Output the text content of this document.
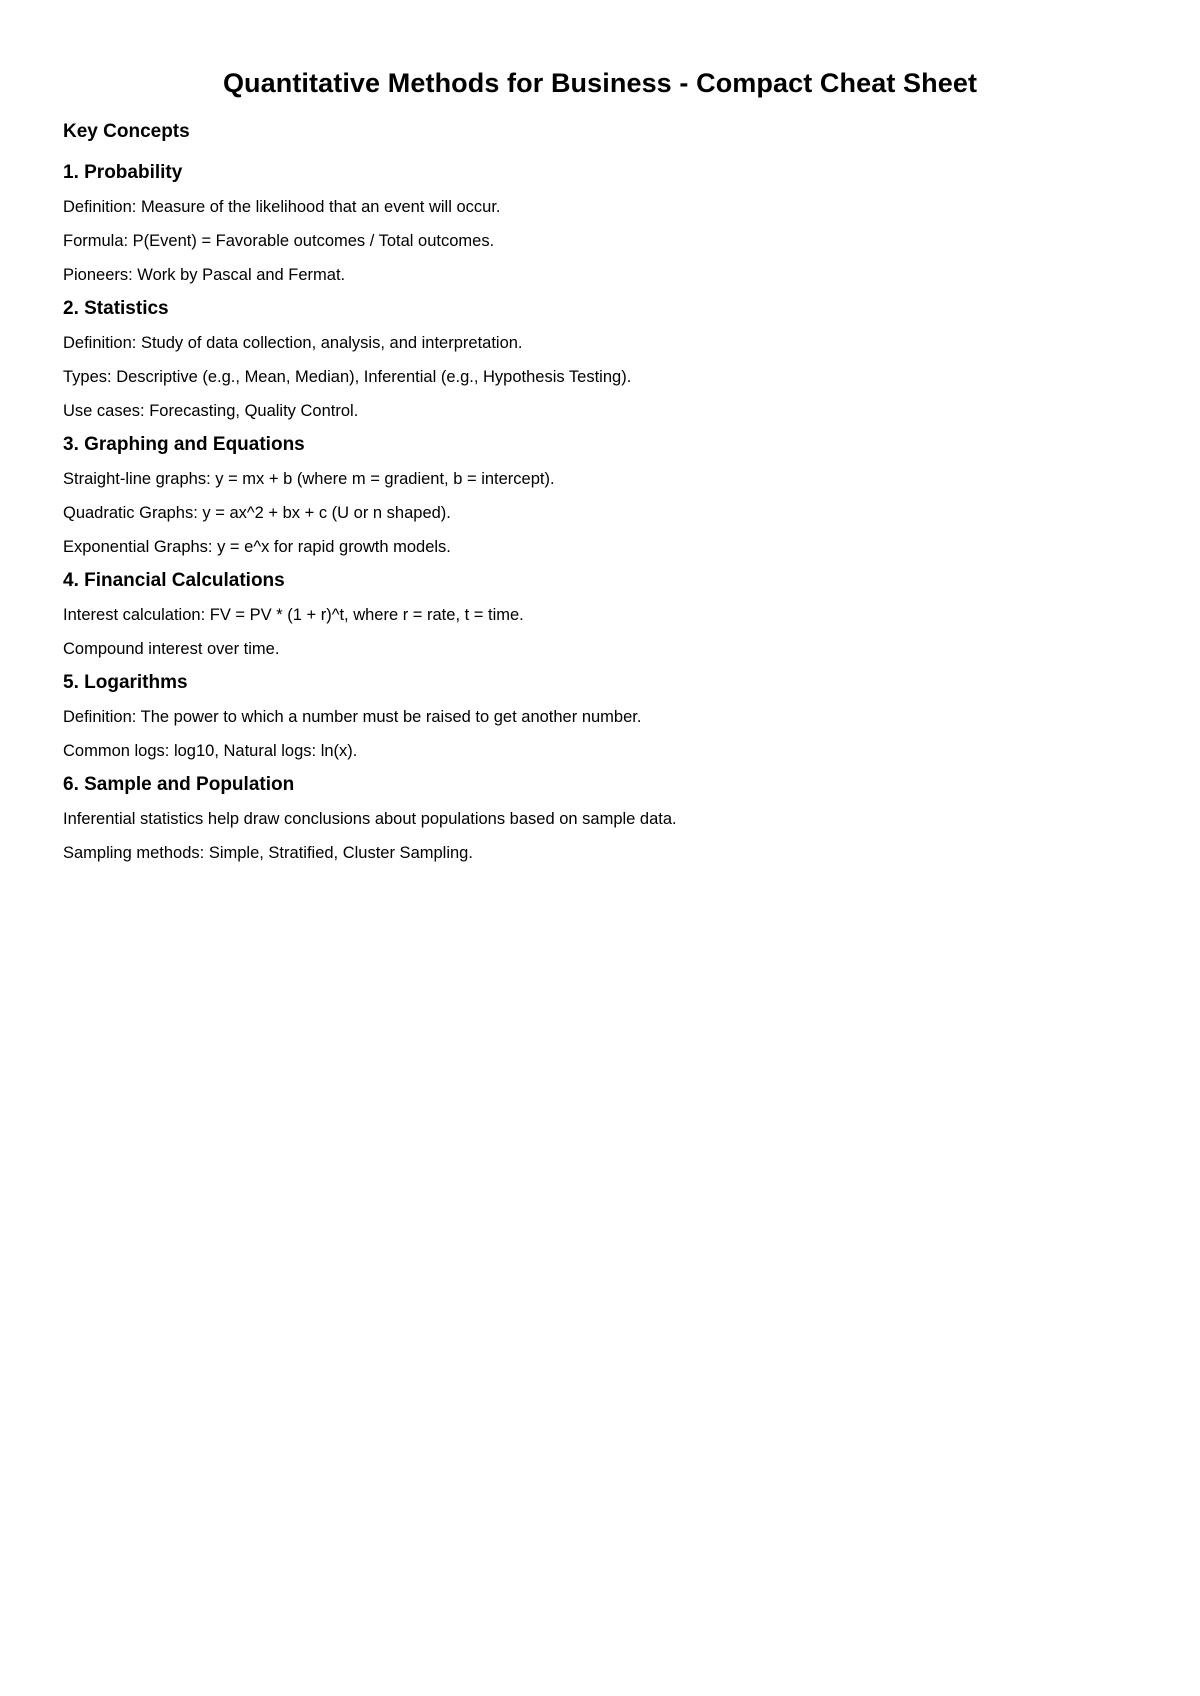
Quantitative Methods for Business - Compact Cheat Sheet
Key Concepts
1. Probability
Definition: Measure of the likelihood that an event will occur.
Formula: P(Event) = Favorable outcomes / Total outcomes.
Pioneers: Work by Pascal and Fermat.
2. Statistics
Definition: Study of data collection, analysis, and interpretation.
Types: Descriptive (e.g., Mean, Median), Inferential (e.g., Hypothesis Testing).
Use cases: Forecasting, Quality Control.
3. Graphing and Equations
Straight-line graphs: y = mx + b (where m = gradient, b = intercept).
Quadratic Graphs: y = ax^2 + bx + c (U or n shaped).
Exponential Graphs: y = e^x for rapid growth models.
4. Financial Calculations
Interest calculation: FV = PV * (1 + r)^t, where r = rate, t = time.
Compound interest over time.
5. Logarithms
Definition: The power to which a number must be raised to get another number.
Common logs: log10, Natural logs: ln(x).
6. Sample and Population
Inferential statistics help draw conclusions about populations based on sample data.
Sampling methods: Simple, Stratified, Cluster Sampling.
